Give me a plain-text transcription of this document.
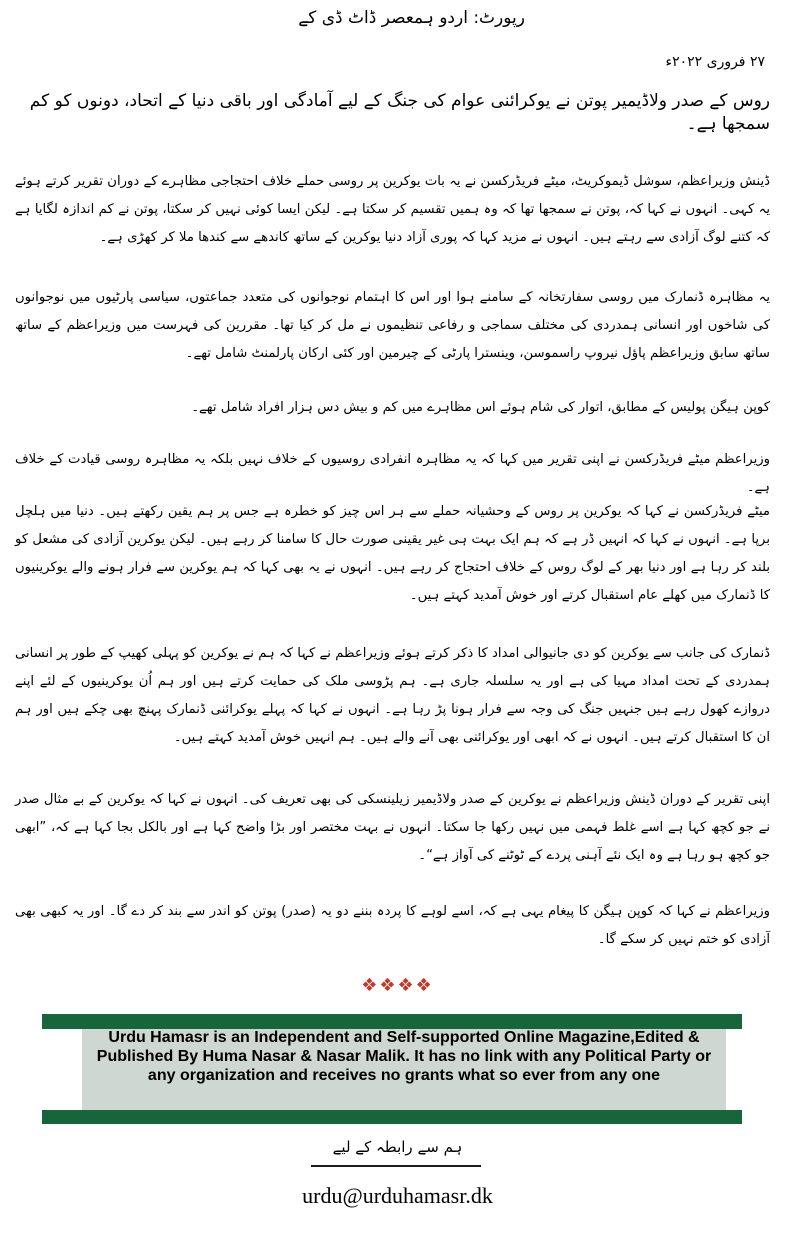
رپورٹ: اردو ہمعصر ڈاٹ ڈی کے
۲۷ فروری ۲۰۲۲ء
روس کے صدر ولاڈیمیر پوتن نے یوکرائنی عوام کی جنگ کے لیے آمادگی اور باقی دنیا کے اتحاد، دونوں کو کم سمجھا ہے۔
ڈینش وزیراعظم، سوشل ڈیموکریٹ، میٹے فریڈرکسن نے یہ بات یوکرین پر روسی حملے خلاف احتجاجی مظاہرے کے دوران تقریر کرتے ہوئے یہ کہی۔ انہوں نے کہا کہ، پوتن نے سمجھا تھا کہ وہ ہمیں تقسیم کر سکتا ہے۔ لیکن ایسا کوئی نہیں کر سکتا، پوتن نے کم اندازہ لگایا ہے کہ کتنے لوگ آزادی سے رہتے ہیں۔ انہوں نے مزید کہا کہ پوری آزاد دنیا یوکرین کے ساتھ کاندھے سے کندھا ملا کر کھڑی ہے۔
یہ مظاہرہ ڈنمارک میں روسی سفارتخانہ کے سامنے ہوا اور اس کا اہتمام نوجوانوں کی متعدد جماعتوں، سیاسی پارٹیوں میں نوجوانوں کی شاخوں اور انسانی ہمدردی کی مختلف سماجی و رفاعی تنظیموں نے مل کر کیا تھا۔ مقررین کی فہرست میں وزیراعظم کے ساتھ ساتھ سابق وزیراعظم پاؤل نیروپ راسموسن، وینسترا پارٹی کے چیرمین اور کئی ارکان پارلمنٹ شامل تھے۔
کوپن ہیگن پولیس کے مطابق، اتوار کی شام ہوئے اس مظاہرے میں کم و بیش دس ہزار افراد شامل تھے۔
وزیراعظم میٹے فریڈرکسن نے اپنی تقریر میں کہا کہ یہ مظاہرہ انفرادی روسیوں کے خلاف نہیں بلکہ یہ مظاہرہ روسی قیادت کے خلاف ہے۔
میٹے فریڈرکسن نے کہا کہ یوکرین پر روس کے وحشیانہ حملے سے ہر اس چیز کو خطرہ ہے جس پر ہم یقین رکھتے ہیں۔ دنیا میں ہلچل برپا ہے۔ انہوں نے کہا کہ انہیں ڈر ہے کہ ہم ایک بہت ہی غیر یقینی صورت حال کا سامنا کر رہے ہیں۔ لیکن یوکرین آزادی کی مشعل کو بلند کر رہا ہے اور دنیا بھر کے لوگ روس کے خلاف احتجاج کر رہے ہیں۔ انہوں نے یہ بھی کہا کہ ہم یوکرین سے فرار ہونے والے یوکرینیوں کا ڈنمارک میں کھلے عام استقبال کرتے اور خوش آمدید کہتے ہیں۔
ڈنمارک کی جانب سے یوکرین کو دی جانیوالی امداد کا ذکر کرتے ہوئے وزیراعظم نے کہا کہ ہم نے یوکرین کو پہلی کھیپ کے طور پر انسانی ہمدردی کے تحت امداد مہیا کی ہے اور یہ سلسلہ جاری ہے۔ ہم پڑوسی ملک کی حمایت کرتے ہیں اور ہم اُن یوکرینیوں کے لئے اپنے دروازے کھول رہے ہیں جنہیں جنگ کی وجہ سے فرار ہونا پڑ رہا ہے۔ انہوں نے کہا کہ پہلے یوکرائنی ڈنمارک پہنچ بھی چکے ہیں اور ہم ان کا استقبال کرتے ہیں۔ انہوں نے کہ ابھی اور یوکرائنی بھی آنے والے ہیں۔ ہم انہیں خوش آمدید کہتے ہیں۔
اپنی تقریر کے دوران ڈینش وزیراعظم نے یوکرین کے صدر ولاڈیمیر زیلینسکی کی بھی تعریف کی۔ انہوں نے کہا کہ یوکرین کے بے مثال صدر نے جو کچھ کہا ہے اسے غلط فہمی میں نہیں رکھا جا سکتا۔ انہوں نے بہت مختصر اور بڑا واضح کہا ہے اور بالکل بجا کہا ہے کہ، ”ابھی جو کچھ ہو رہا ہے وہ ایک نئے آہنی پردے کے ٹوٹنے کی آواز ہے“۔
وزیراعظم نے کہا کہ کوپن ہیگن کا پیغام یہی ہے کہ، اسے لوہے کا پردہ بننے دو یہ (صدر) پوتن کو اندر سے بند کر دے گا۔ اور یہ کبھی بھی آزادی کو ختم نہیں کر سکے گا۔
❖❖❖❖
Urdu Hamasr is an Independent and Self-supported Online Magazine,Edited & Published By Huma Nasar & Nasar Malik. It has no link with any Political Party or any organization and receives no grants what so ever from any one
ہم سے رابطہ کے لیے
urdu@urduhamasr.dk
